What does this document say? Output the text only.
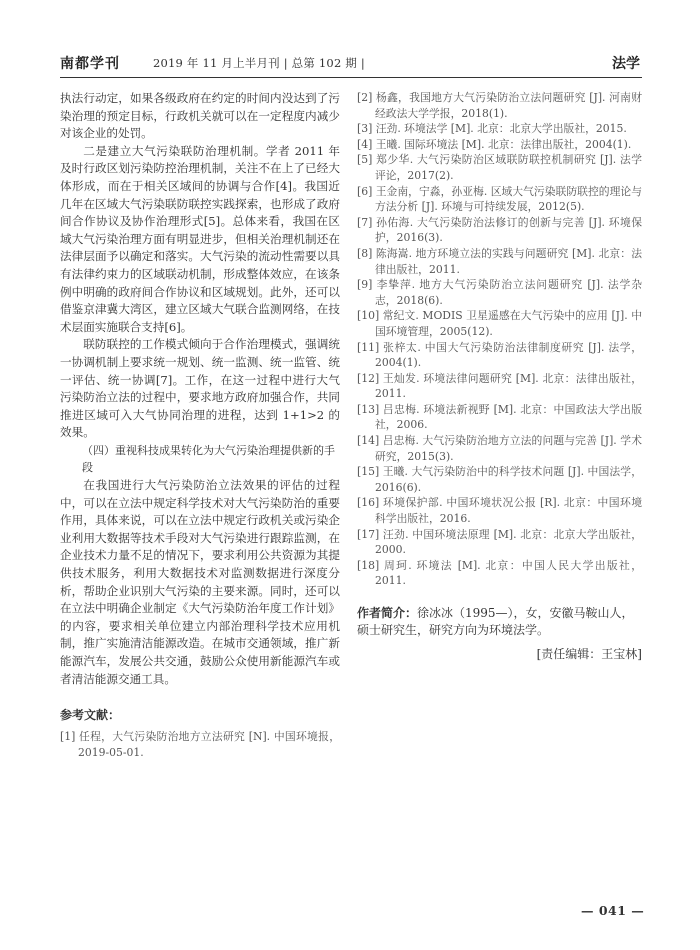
南都学刊	2019 年 11 月上半月刊 | 总第 102 期 |	法学

执法行动定，如果各级政府在约定的时间内没达到了污染治理的预定目标，行政机关就可以在一定程度内减少对该企业的处罚。

二是建立大气污染联防治理机制。学者 2011 年及时行政区划污染防控治理机制，关注不在上了已经大体形成，而在于相关区域间的协调与合作[4]。我国近几年在区域大气污染联防联控实践探索，也形成了政府间合作协议及协作治理形式[5]。总体来看，我国在区域大气污染治理方面有明显进步，但相关治理机制还在法律层面予以确定和落实。大气污染的流动性需要以具有法律约束力的区域联动机制，形成整体效应，在该条例中明确的政府间合作协议和区域规划。此外，还可以借鉴京津冀大湾区，建立区域大气联合监测网络，在技术层面实施联合支持[6]。

联防联控的工作模式倾向于合作治理模式，强调统一协调机制上要求统一规划、统一监测、统一监管、统一评估、统一协调[7]。工作，在这一过程中进行大气污染防治立法的过程中，要求地方政府加强合作，共同推进区域可入大气协同治理的进程，达到 1+1>2 的效果。

（四）重视科技成果转化为大气污染治理提供新的手段

在我国进行大气污染防治立法效果的评估的过程中，可以在立法中规定科学技术对大气污染防治的重要作用，具体来说，可以在立法中规定行政机关或污染企业利用大数据等技术手段对大气污染进行跟踪监测，在企业技术力量不足的情况下，要求利用公共资源为其提供技术服务，利用大数据技术对监测数据进行深度分析，帮助企业识别大气污染的主要来源。同时，还可以在立法中明确企业制定《大气污染防治年度工作计划》的内容，要求相关单位建立内部治理科学技术应用机制，推广实施清洁能源改造。在城市交通领域，推广新能源汽车，发展公共交通，鼓励公众使用新能源汽车或者清洁能源交通工具。

参考文献：

[1] 任程，大气污染防治地方立法研究 [N]. 中国环境报，2019-05-01.

[2] 杨鑫，我国地方大气污染防治立法问题研究 [J]. 河南财经政法大学学报，2018(1).

[3] 汪劲. 环境法学 [M]. 北京：北京大学出版社，2015.

[4] 王曦. 国际环境法 [M]. 北京：法律出版社，2004(1).

[5] 郑少华. 大气污染防治区域联防联控机制研究 [J]. 法学评论，2017(2).

[6] 王金南，宁淼，孙亚梅. 区域大气污染联防联控的理论与方法分析 [J]. 环境与可持续发展，2012(5).

[7] 孙佑海. 大气污染防治法修订的创新与完善 [J]. 环境保护，2016(3).

[8] 陈海嵩. 地方环境立法的实践与问题研究 [M]. 北京：法律出版社，2011.

[9] 李挚萍. 地方大气污染防治立法问题研究 [J]. 法学杂志，2018(6).

[10] 常纪文. MODIS 卫星遥感在大气污染中的应用 [J]. 中国环境管理，2005(12).

[11] 张梓太. 中国大气污染防治法律制度研究 [J]. 法学，2004(1).

[12] 王灿发. 环境法律问题研究 [M]. 北京：法律出版社，2011.

[13] 吕忠梅. 环境法新视野 [M]. 北京：中国政法大学出版社，2006.

[14] 吕忠梅. 大气污染防治地方立法的问题与完善 [J]. 学术研究，2015(3).

[15] 王曦. 大气污染防治中的科学技术问题 [J]. 中国法学，2016(6).

[16] 环境保护部. 中国环境状况公报 [R]. 北京：中国环境科学出版社，2016.

[17] 汪劲. 中国环境法原理 [M]. 北京：北京大学出版社，2000.

[18] 周珂. 环境法 [M]. 北京：中国人民大学出版社，2011.

作者简介：徐冰冰（1995—），女，安徽马鞍山人，硕士研究生，研究方向为环境法学。
[责任编辑：王宝林]
— 041 —
